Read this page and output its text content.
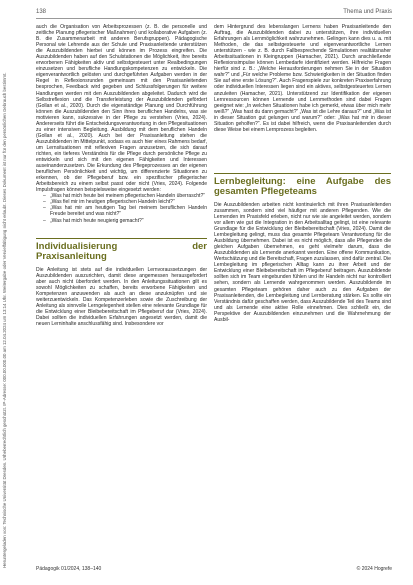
138	Thema und Praxis
Heruntergeladen von: Technische Universität Dresden. Urheberrechtlich geschützt. IP-Adresse: 000.00.000.00 am 12.04.2024 um 13:14 Uhr. Weitergabe oder Vervielfältigung nicht erlaubt. Dieses Dokument ist nur für den persönlichen Gebrauch bestimmt.

auch die Organisation von Arbeitsprozessen (z. B. die personelle und zeitliche Planung pflegerischer Maßnahmen) und kollaborative Aufgaben (z. B. die Zusammenarbeit mit anderen Berufsgruppen). Pädagogische Personal wie Lehrende aus der Schule und Praxisanleitende unterstützen die Auszubildenden hierbei und können im Prozess eingreifen. Die Auszubildenden haben auf den Schulstationen die Möglichkeit, ihre bereits erworbenen Fähigkeiten aktiv und selbstgesteuert unter Realbedingungen einzusetzen und berufliche Handlungskompetenzen zu entwickeln. Die eigenverantwortlich gelösten und durchgeführten Aufgaben werden in der Regel in Reflexionsrunden gemeinsam mit den Praxisanleitenden besprochen, Feedback wird gegeben und Schlussfolgerungen für weitere Handlungen werden mit den Auszubildenden abgeleitet. Dadurch wird die Selbstreflexion und die Transferleistung der Auszubildenden gefördert (Gollan et al., 2020). Durch die eigenständige Planung und Durchführung können die Auszubildenden den Sinn ihres beruflichen Handelns, was sie motivieren kann, sukzessive in der Pflege zu verstehen (Vries, 2024). Andererseits führt die Entscheidungsverantwortung in den Pflegesituationen zu einer intensiven Begleitung. Ausbildung mit dem beruflichen Handeln (Gollan et al., 2020). Auch bei der Praxisanleitung stehen die Auszubildenden im Mittelpunkt, sodass es auch hier eines Rahmens bedarf, um Lernsituationen mit reflexiven Fragen anzusetzen, die sich darauf richten, ein tieferes Verständnis für die Pflege durch persönliche Pflege zu entwickeln und sich mit den eigenen Fähigkeiten und Interessen auseinanderzusetzen. Die Erkundung des Pflegeprozesses an der eigenen beruflichen Persönlichkeit und wichtig, um differenzierte Situationen zu erkennen, ob der Pflegeberuf bzw. ein spezifischer pflegerischer Arbeitsbereich zu einem selbst passt oder nicht (Vries, 2024). Folgende Impulsfragen können beispielsweise eingesetzt werden:

– „Was hat mich heute bei meinem pflegerischen Handeln überrascht?“
– „Was fiel mir im heutigen pflegerischen Handeln leicht?“
– „Was hat mir am heutigen Tag bei meinem beruflichen Handeln Freude bereitet und was nicht?“
– „Was hat mich heute neugierig gemacht?“
Individualisierung der Praxisanleitung

Die Anleitung ist stets auf die individuellen Lernvoraussetzungen der Auszubildenden auszurichten, damit diese angemessen herausgefordert aber auch nicht überfordert werden. In den Anleitungssituationen gilt es sowohl Möglichkeiten zu schaffen, bereits erworbene Fähigkeiten und Kompetenzen anzuwenden als auch an diese anzuknüpfen und sie weiterzuentwickeln. Das Kompetenzerleben sowie die Zuschreibung der Anleitung als sinnvolle Lerngelegenheit stellen eine relevante Grundlage für die Entwicklung einer Bleibebereitschaft im Pflegeberuf dar (Vries, 2024). Dabei sollten die individuellen Erfahrungen angesetzt werden, damit die neuen Lerninhalte anschlussfähig sind. Insbesondere vor

dem Hintergrund des lebenslangen Lernens haben Praxisanleitende den Auftrag, die Auszubildenden dabei zu unterstützen, ihre individuellen Erfahrungen als Lernmöglichkeit wahrzunehmen. Gelingen kann dies u. a. mit Methoden, die das selbstgesteuerte und eigenverantwortliche Lernen unterstützen - wie z. B. durch Fallbesprechende Simulationen realitätsnaher Arbeitssituationen in Kleingruppen (Hamacher, 2021). Durch anschließende Reflexionsimpulse können Lernbedarfe identifiziert werden. Hilfreiche Fragen hierfür sind z. B.: „Welche Herausforderungen nehmen Sie in der Situation wahr?“ und „Für welche Probleme bzw. Schwierigkeiten in der Situation finden Sie auf eine erste Lösung?“. Auch Fragenspiele zur konkreten Praxiserfahrung oder individuellen Interessen liegen sind ein aktives, selbstgesteuertes Lernen anzuleiten (Hamacher, 2021). Unterstützend zur Identifikation der eigenen Lernressourcen können Lernende und Lernmethoden sind dabei Fragen geeignet wie: „In welchen Situationen habe ich gemerkt, etwas über mich mehr weiß?“ „Was hast du dann gemacht?“ „Was ist die Lehre daraus?“ und „Was ist in dieser Situation gut gelungen und warum?“ oder: „Was hat mir in dieser Situation geholfen?“. Es ist dabei hilfreich, wenn die Praxisanleitenden durch diese Weise bei einem Lernprozess begleiten.

Lernbegleitung: eine Aufgabe des gesamten Pflegeteams

Die Auszubildenden arbeiten nicht kontinuierlich mit ihren Praxisanleitenden zusammen, sondern sind viel häufiger mit anderen Pflegenden. Wie die Lernenden im Praxisfeld erleben, nicht nur wie sie angeleitet werden, sondern vor allem wie gut die Integration in den Arbeitsalltag gelingt, ist eine relevante Grundlage für die Entwicklung der Bleibebereitschaft (Vries, 2024). Damit die Lernbegleitung gelingt, muss das gesamte Pflegeteam Verantwortung für die Ausbildung übernehmen. Dabei ist es nicht möglich, dass alle Pflegenden die gleichen Aufgaben übernehmen, es geht vielmehr darum, dass die Auszubildenden als Lernende anerkannt werden. Eine offene Kommunikation, Wertschätzung und die Bereitschaft, Fragen zuzulassen, sind dafür zentral. Die Lernbegleitung im pflegerischen Alltag kann zu ihrer Arbeit und der Entwicklung einer Bleibebereitschaft im Pflegeberuf beitragen. Auszubildende sollten sich im Team eingebunden fühlen und ihr Handeln nicht nur kontrolliert sehen, sondern als Lernende wahrgenommen werden. Auszubildende im gesamten Pflegeteam gehören daher auch zu den Aufgaben der Praxisanleitenden, die Lernbegleitung und Lernberatung stärken. Es sollte ein Verständnis dafür geschaffen werden, dass Auszubildende Teil des Teams sind und als Lernende eine aktive Rolle einnehmen. Dies schließt ein, die Perspektive der Auszubildenden einzunehmen und die Wahrnehmung der Ausbil-

Pädagogik 01/2024, 138–140	© 2024 Hogrefe
